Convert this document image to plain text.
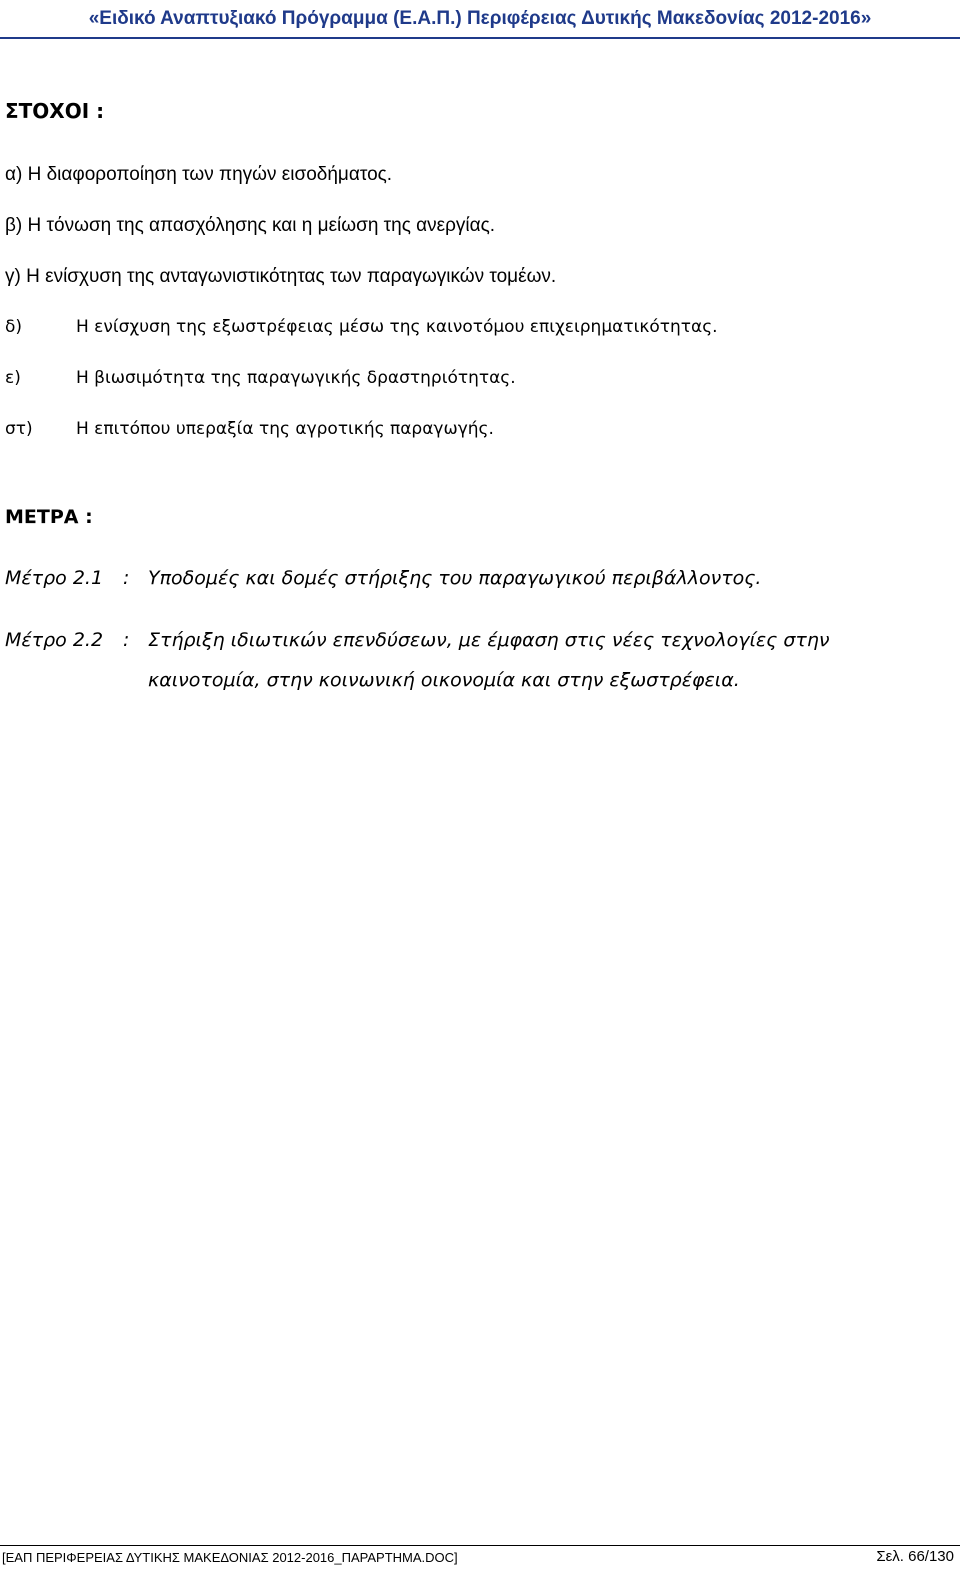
«Ειδικό Αναπτυξιακό Πρόγραμμα (Ε.Α.Π.) Περιφέρειας Δυτικής Μακεδονίας 2012-2016»
ΣΤΟΧΟΙ :
α) Η διαφοροποίηση των πηγών εισοδήματος.
β) Η τόνωση της απασχόλησης και η μείωση της ανεργίας.
γ) Η ενίσχυση της ανταγωνιστικότητας των παραγωγικών τομέων.
δ)	Η ενίσχυση της εξωστρέφειας μέσω της καινοτόμου επιχειρηματικότητας.
ε)	Η βιωσιμότητα της παραγωγικής δραστηριότητας.
στ)	Η επιτόπου υπεραξία της αγροτικής παραγωγής.
ΜΕΤΡΑ :
Μέτρο 2.1 : Υποδομές και δομές στήριξης του παραγωγικού περιβάλλοντος.
Μέτρο 2.2 : Στήριξη ιδιωτικών επενδύσεων, με έμφαση στις νέες τεχνολογίες στην καινοτομία, στην κοινωνική οικονομία και στην εξωστρέφεια.
[ΕΑΠ ΠΕΡΙΦΕΡΕΙΑΣ ΔΥΤΙΚΗΣ ΜΑΚΕΔΟΝΙΑΣ 2012-2016_ΠΑΡΑΡΤΗΜΑ.DOC]	Σελ. 66/130
